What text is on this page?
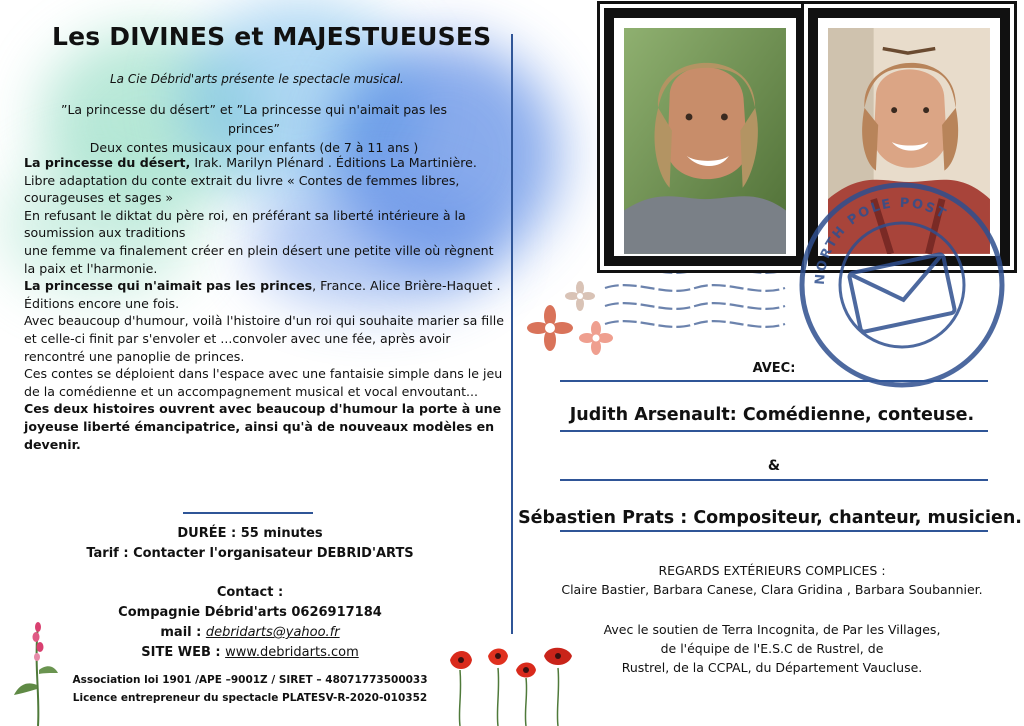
Les DIVINES et MAJESTUEUSES
La Cie Débrid'arts présente le spectacle musical.
”La princesse du désert” et ”La princesse qui n'aimait pas les princes”
Deux contes musicaux pour enfants (de 7 à 11 ans )

La princesse du désert, Irak. Marilyn Plénard . Éditions La Martinière.

Libre adaptation du conte extrait du livre « Contes de femmes libres, courageuses et sages »

En refusant le diktat du père roi, en préférant sa liberté intérieure à la soumission aux traditions

une femme va finalement créer en plein désert une petite ville où règnent la paix et l'harmonie.

La princesse qui n'aimait pas les princes, France. Alice Brière-Haquet . Éditions encore une fois.

Avec beaucoup d'humour, voilà l'histoire d'un roi qui souhaite marier sa fille et celle-ci finit par s'envoler et ...convoler avec une fée, après avoir rencontré une panoplie de princes.

Ces contes se déploient dans l'espace avec une fantaisie simple dans le jeu de la comédienne et un accompagnement musical et vocal envoutant...

Ces deux histoires ouvrent avec beaucoup d'humour la porte à une joyeuse liberté émancipatrice, ainsi qu'à de nouveaux modèles en devenir.

DURÉE : 55 minutes
Tarif : Contacter l'organisateur DEBRID'ARTS
Contact :
Compagnie Débrid'arts 0626917184
mail : debridarts@yahoo.fr
SITE WEB : www.debridarts.com
Association loi 1901 /APE –9001Z / SIRET – 48071773500033
Licence entrepreneur du spectacle PLATESV-R-2020-010352
NORTH POLE POST
AVEC:
Judith Arsenault: Comédienne, conteuse.
&
Sébastien Prats : Compositeur, chanteur, musicien.
REGARDS EXTÉRIEURS COMPLICES :
Claire Bastier, Barbara Canese, Clara Gridina , Barbara Soubannier.
Avec le soutien de Terra Incognita, de Par les Villages,
de l'équipe de l'E.S.C de Rustrel, de
Rustrel, de la CCPAL, du Département Vaucluse.
